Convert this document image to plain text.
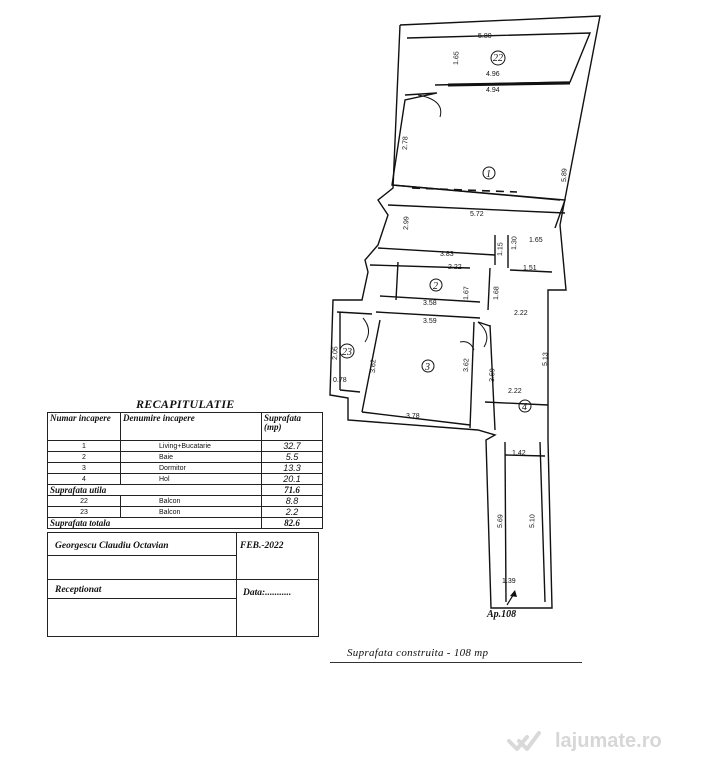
5.80
1.65
4.96
4.94
2.78
5.89
2.99
5.72
3.83	1.15 1.30 1.65
2.22	1.51
1.67	1.68
3.58
3.59
2.22
2.05
3.62	3.62
3.59
5.13
0.78
2.22
3.78
1.42
5.69	5.10
1.39
22
1
2
3
23
4
RECAPITULATIE
Numar incapere	Denumire incapere	Suprafata (mp)
1	Living+Bucatarie	32.7
2	Baie	5.5
3	Dormitor	13.3
4	Hol	20.1
Suprafata utila		71.6
22	Balcon	8.8
23	Balcon	2.2
Suprafata totala		82.6
Georgescu Claudiu Octavian	FEB.-2022
Receptionat	Data:...........
Ap.108
Suprafata construita - 108 mp
lajumate.ro
